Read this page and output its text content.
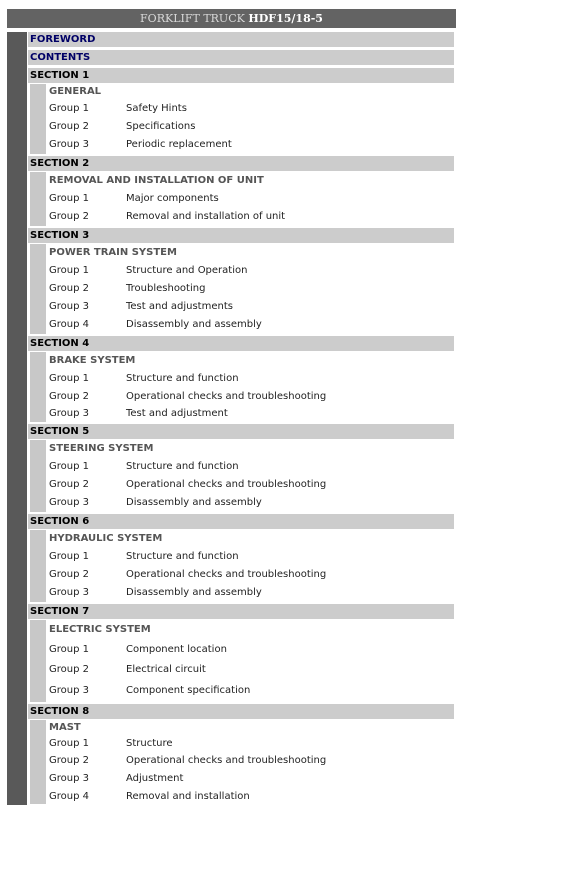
FORKLIFT TRUCK HDF15/18-5
FOREWORD
CONTENTS
SECTION 1
GENERAL
Group 1	Safety Hints
Group 2	Specifications
Group 3	Periodic replacement
SECTION 2
REMOVAL AND INSTALLATION OF UNIT
Group 1	Major components
Group 2	Removal and installation of unit
SECTION 3
POWER TRAIN SYSTEM
Group 1	Structure and Operation
Group 2	Troubleshooting
Group 3	Test and adjustments
Group 4	Disassembly and assembly
SECTION 4
BRAKE SYSTEM
Group 1	Structure and function
Group 2	Operational checks and troubleshooting
Group 3	Test and adjustment
SECTION 5
STEERING SYSTEM
Group 1	Structure and function
Group 2	Operational checks and troubleshooting
Group 3	Disassembly and assembly
SECTION 6
HYDRAULIC SYSTEM
Group 1	Structure and function
Group 2	Operational checks and troubleshooting
Group 3	Disassembly and assembly
SECTION 7
ELECTRIC SYSTEM
Group 1	Component location
Group 2	Electrical circuit
Group 3	Component specification
SECTION 8
MAST
Group 1	Structure
Group 2	Operational checks and troubleshooting
Group 3	Adjustment
Group 4	Removal and installation
